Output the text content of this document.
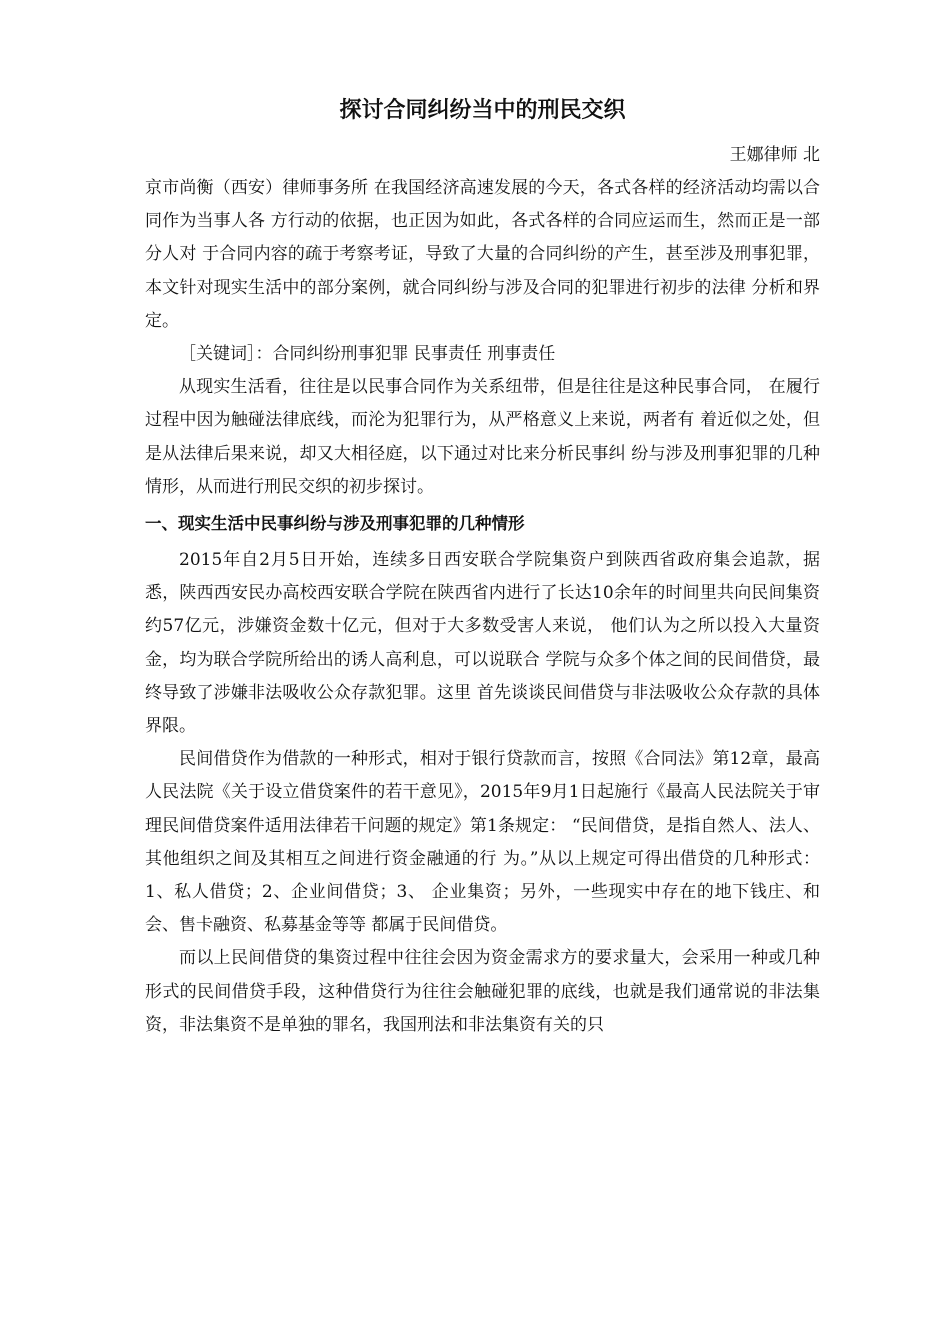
探讨合同纠纷当中的刑民交织

王娜律师 北

京市尚衡（西安）律师事务所 在我国经济高速发展的今天，各式各样的经济活动均需以合同作为当事人各 方行动的依据，也正因为如此，各式各样的合同应运而生，然而正是一部分人对 于合同内容的疏于考察考证，导致了大量的合同纠纷的产生，甚至涉及刑事犯罪， 本文针对现实生活中的部分案例，就合同纠纷与涉及合同的犯罪进行初步的法律 分析和界定。

［关键词］：合同纠纷刑事犯罪 民事责任 刑事责任

从现实生活看，往往是以民事合同作为关系纽带，但是往往是这种民事合同， 在履行过程中因为触碰法律底线，而沦为犯罪行为，从严格意义上来说，两者有 着近似之处，但是从法律后果来说，却又大相径庭，以下通过对比来分析民事纠 纷与涉及刑事犯罪的几种情形，从而进行刑民交织的初步探讨。

一、现实生活中民事纠纷与涉及刑事犯罪的几种情形

2015年自2月5日开始，连续多日西安联合学院集资户到陕西省政府集会追款，据悉，陕西西安民办高校西安联合学院在陕西省内进行了长达10余年的时间里共向民间集资约57亿元，涉嫌资金数十亿元，但对于大多数受害人来说， 他们认为之所以投入大量资金，均为联合学院所给出的诱人高利息，可以说联合 学院与众多个体之间的民间借贷，最终导致了涉嫌非法吸收公众存款犯罪。这里 首先谈谈民间借贷与非法吸收公众存款的具体界限。

民间借贷作为借款的一种形式，相对于银行贷款而言，按照《合同法》第12章，最高人民法院《关于设立借贷案件的若干意见》，2015年9月1日起施行《最高人民法院关于审理民间借贷案件适用法律若干问题的规定》第1条规定： “民间借贷，是指自然人、法人、其他组织之间及其相互之间进行资金融通的行 为。”从以上规定可得出借贷的几种形式：1、私人借贷；2、企业间借贷；3、 企业集资；另外，一些现实中存在的地下钱庄、和会、售卡融资、私募基金等等 都属于民间借贷。

而以上民间借贷的集资过程中往往会因为资金需求方的要求量大，会采用一种或几种形式的民间借贷手段，这种借贷行为往往会触碰犯罪的底线，也就是我们通常说的非法集资，非法集资不是单独的罪名，我国刑法和非法集资有关的只
